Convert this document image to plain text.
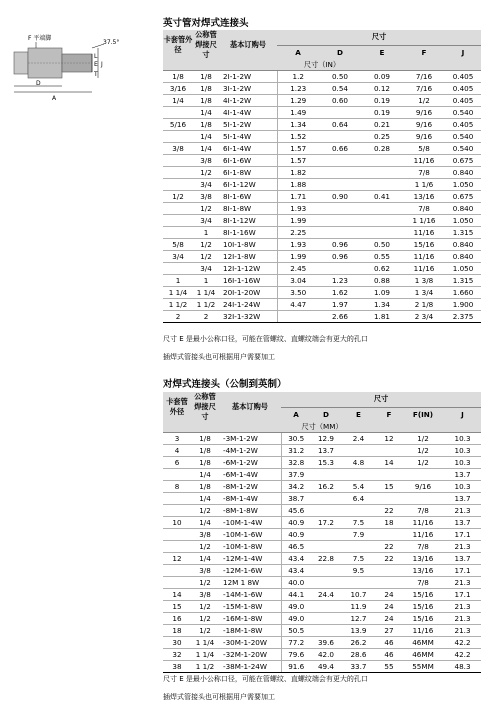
英寸管对焊式连接头
F 平端脚
37.5°
E J
L
T
D
A
卡套管外径	公称管焊接尺寸	基本订购号	尺寸				
			A	D	E	F	J
尺寸（IN）							
1/8	1/8	2I-1-2W	1.2	0.50	0.09	7/16	0.405
3/16	1/8	3I-1-2W	1.23	0.54	0.12	7/16	0.405
1/4	1/8	4I-1-2W	1.29	0.60	0.19	1/2	0.405
	1/4	4I-1-4W	1.49		0.19	9/16	0.540
5/16	1/8	5I-1-2W	1.34	0.64	0.21	9/16	0.405
	1/4	5I-1-4W	1.52		0.25	9/16	0.540
3/8	1/4	6I-1-4W	1.57	0.66	0.28	5/8	0.540
	3/8	6I-1-6W	1.57			11/16	0.675
	1/2	6I-1-8W	1.82			7/8	0.840
	3/4	6I-1-12W	1.88			1 1/6	1.050
1/2	3/8	8I-1-6W	1.71	0.90	0.41	13/16	0.675
	1/2	8I-1-8W	1.93			7/8	0.840
	3/4	8I-1-12W	1.99			1 1/16	1.050
	1	8I-1-16W	2.25			11/16	1.315
5/8	1/2	10I-1-8W	1.93	0.96	0.50	15/16	0.840
3/4	1/2	12I-1-8W	1.99	0.96	0.55	11/16	0.840
	3/4	12I-1-12W	2.45		0.62	11/16	1.050
1	1	16I-1-16W	3.04	1.23	0.88	1 3/8	1.315
1 1/4	1 1/4	20I-1-20W	3.50	1.62	1.09	1 3/4	1.660
1 1/2	1 1/2	24I-1-24W	4.47	1.97	1.34	2 1/8	1.900
2	2	32I-1-32W		2.66	1.81	2 3/4	2.375
尺寸 E 是最小公称口径，可能在管螺纹、直螺纹端会有更大的孔口
插焊式管接头也可根据用户需要加工
对焊式连接头（公制到英制）
卡套管外径	公称管焊接尺寸	基本订购号	尺寸					
			A	D	E	F	F(IN)	J
尺寸（MM）								
3	1/8	-3M-1-2W	30.5	12.9	2.4	12	1/2	10.3
4	1/8	-4M-1-2W	31.2	13.7			1/2	10.3
6	1/8	-6M-1-2W	32.8	15.3	4.8	14	1/2	10.3
	1/4	-6M-1-4W	37.9					13.7
8	1/8	-8M-1-2W	34.2	16.2	5.4	15	9/16	10.3
	1/4	-8M-1-4W	38.7		6.4			13.7
	1/2	-8M-1-8W	45.6			22	7/8	21.3
10	1/4	-10M-1-4W	40.9	17.2	7.5	18	11/16	13.7
	3/8	-10M-1-6W	40.9		7.9		11/16	17.1
	1/2	-10M-1-8W	46.5			22	7/8	21.3
12	1/4	-12M-1-4W	43.4	22.8	7.5	22	13/16	13.7
	3/8	-12M-1-6W	43.4		9.5		13/16	17.1
	1/2	12M 1 8W	40.0				7/8	21.3
14	3/8	-14M-1-6W	44.1	24.4	10.7	24	15/16	17.1
15	1/2	-15M-1-8W	49.0		11.9	24	15/16	21.3
16	1/2	-16M-1-8W	49.0		12.7	24	15/16	21.3
18	1/2	-18M-1-8W	50.5		13.9	27	11/16	21.3
30	1 1/4	-30M-1-20W	77.2	39.6	26.2	46	46MM	42.2
32	1 1/4	-32M-1-20W	79.6	42.0	28.6	46	46MM	42.2
38	1 1/2	-38M-1-24W	91.6	49.4	33.7	55	55MM	48.3
尺寸 E 是最小公称口径，可能在管螺纹、直螺纹端会有更大的孔口
插焊式管接头也可根据用户需要加工
